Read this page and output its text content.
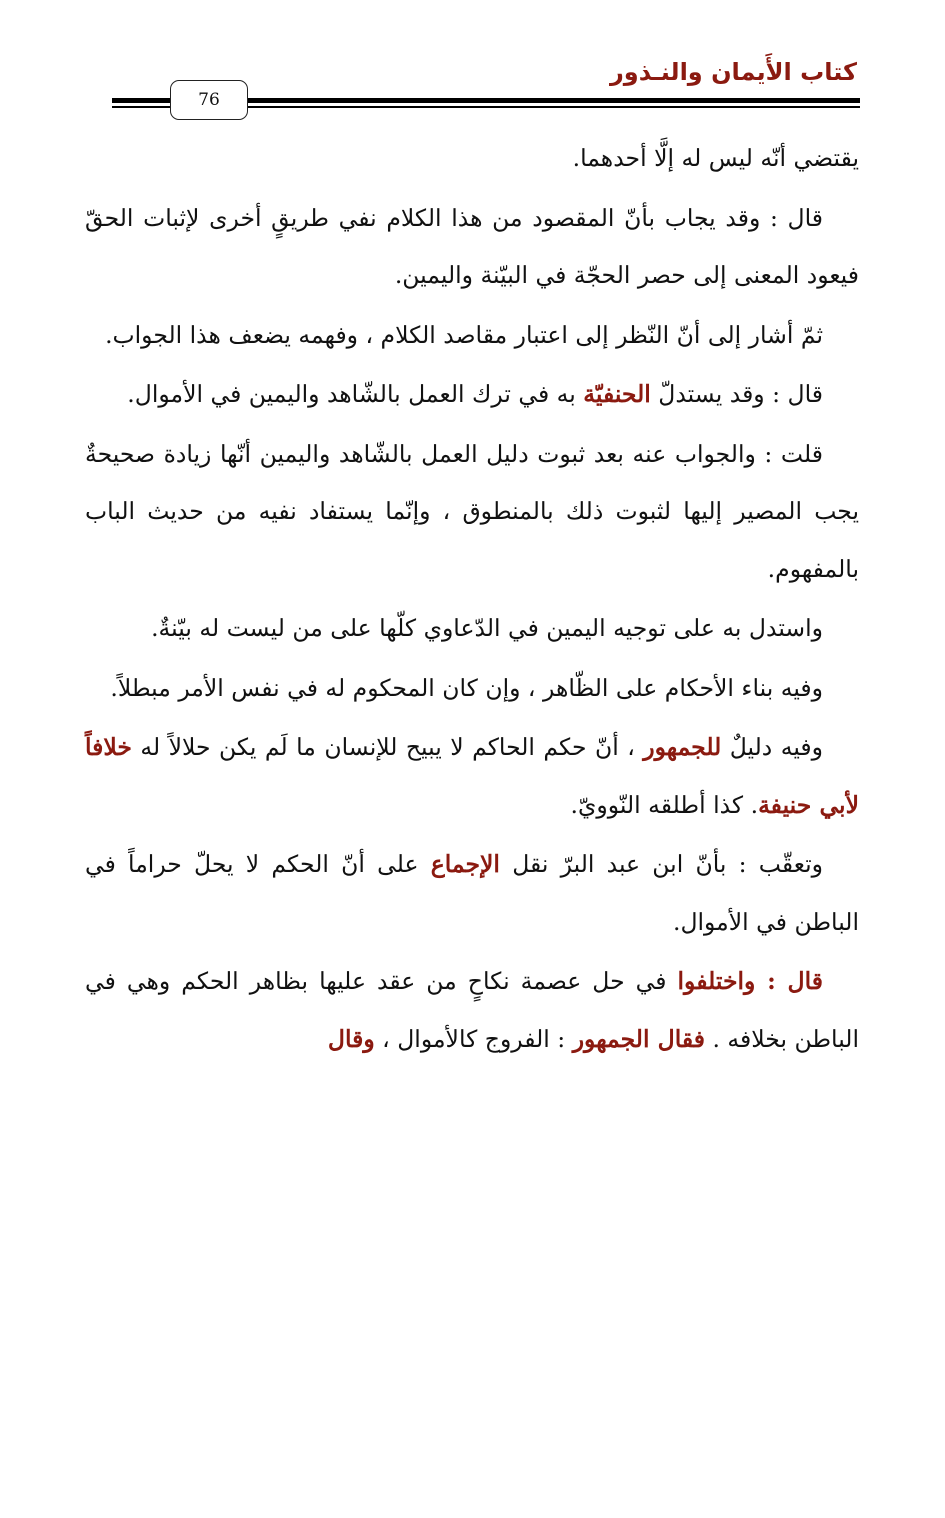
كتاب الأَيمان والنـذور
76

يقتضي أنّه ليس له إلَّا أحدهما.

قال : وقد يجاب بأنّ المقصود من هذا الكلام نفي طريقٍ أخرى لإثبات الحقّ فيعود المعنى إلى حصر الحجّة في البيّنة واليمين.

ثمّ أشار إلى أنّ النّظر إلى اعتبار مقاصد الكلام ، وفهمه يضعف هذا الجواب.

قال : وقد يستدلّ الحنفيّة به في ترك العمل بالشّاهد واليمين في الأموال.

قلت : والجواب عنه بعد ثبوت دليل العمل بالشّاهد واليمين أنّها زيادة صحيحةٌ يجب المصير إليها لثبوت ذلك بالمنطوق ، وإنّما يستفاد نفيه من حديث الباب بالمفهوم.

واستدل به على توجيه اليمين في الدّعاوي كلّها على من ليست له بيّنةٌ.

وفيه بناء الأحكام على الظّاهر ، وإن كان المحكوم له في نفس الأمر مبطلاً.

وفيه دليلٌ للجمهور ، أنّ حكم الحاكم لا يبيح للإنسان ما لَم يكن حلالاً له خلافاً لأبي حنيفة. كذا أطلقه النّوويّ.

وتعقّب : بأنّ ابن عبد البرّ نقل الإجماع على أنّ الحكم لا يحلّ حراماً في الباطن في الأموال.

قال : واختلفوا في حل عصمة نكاحٍ من عقد عليها بظاهر الحكم وهي في الباطن بخلافه . فقال الجمهور : الفروج كالأموال ، وقال
